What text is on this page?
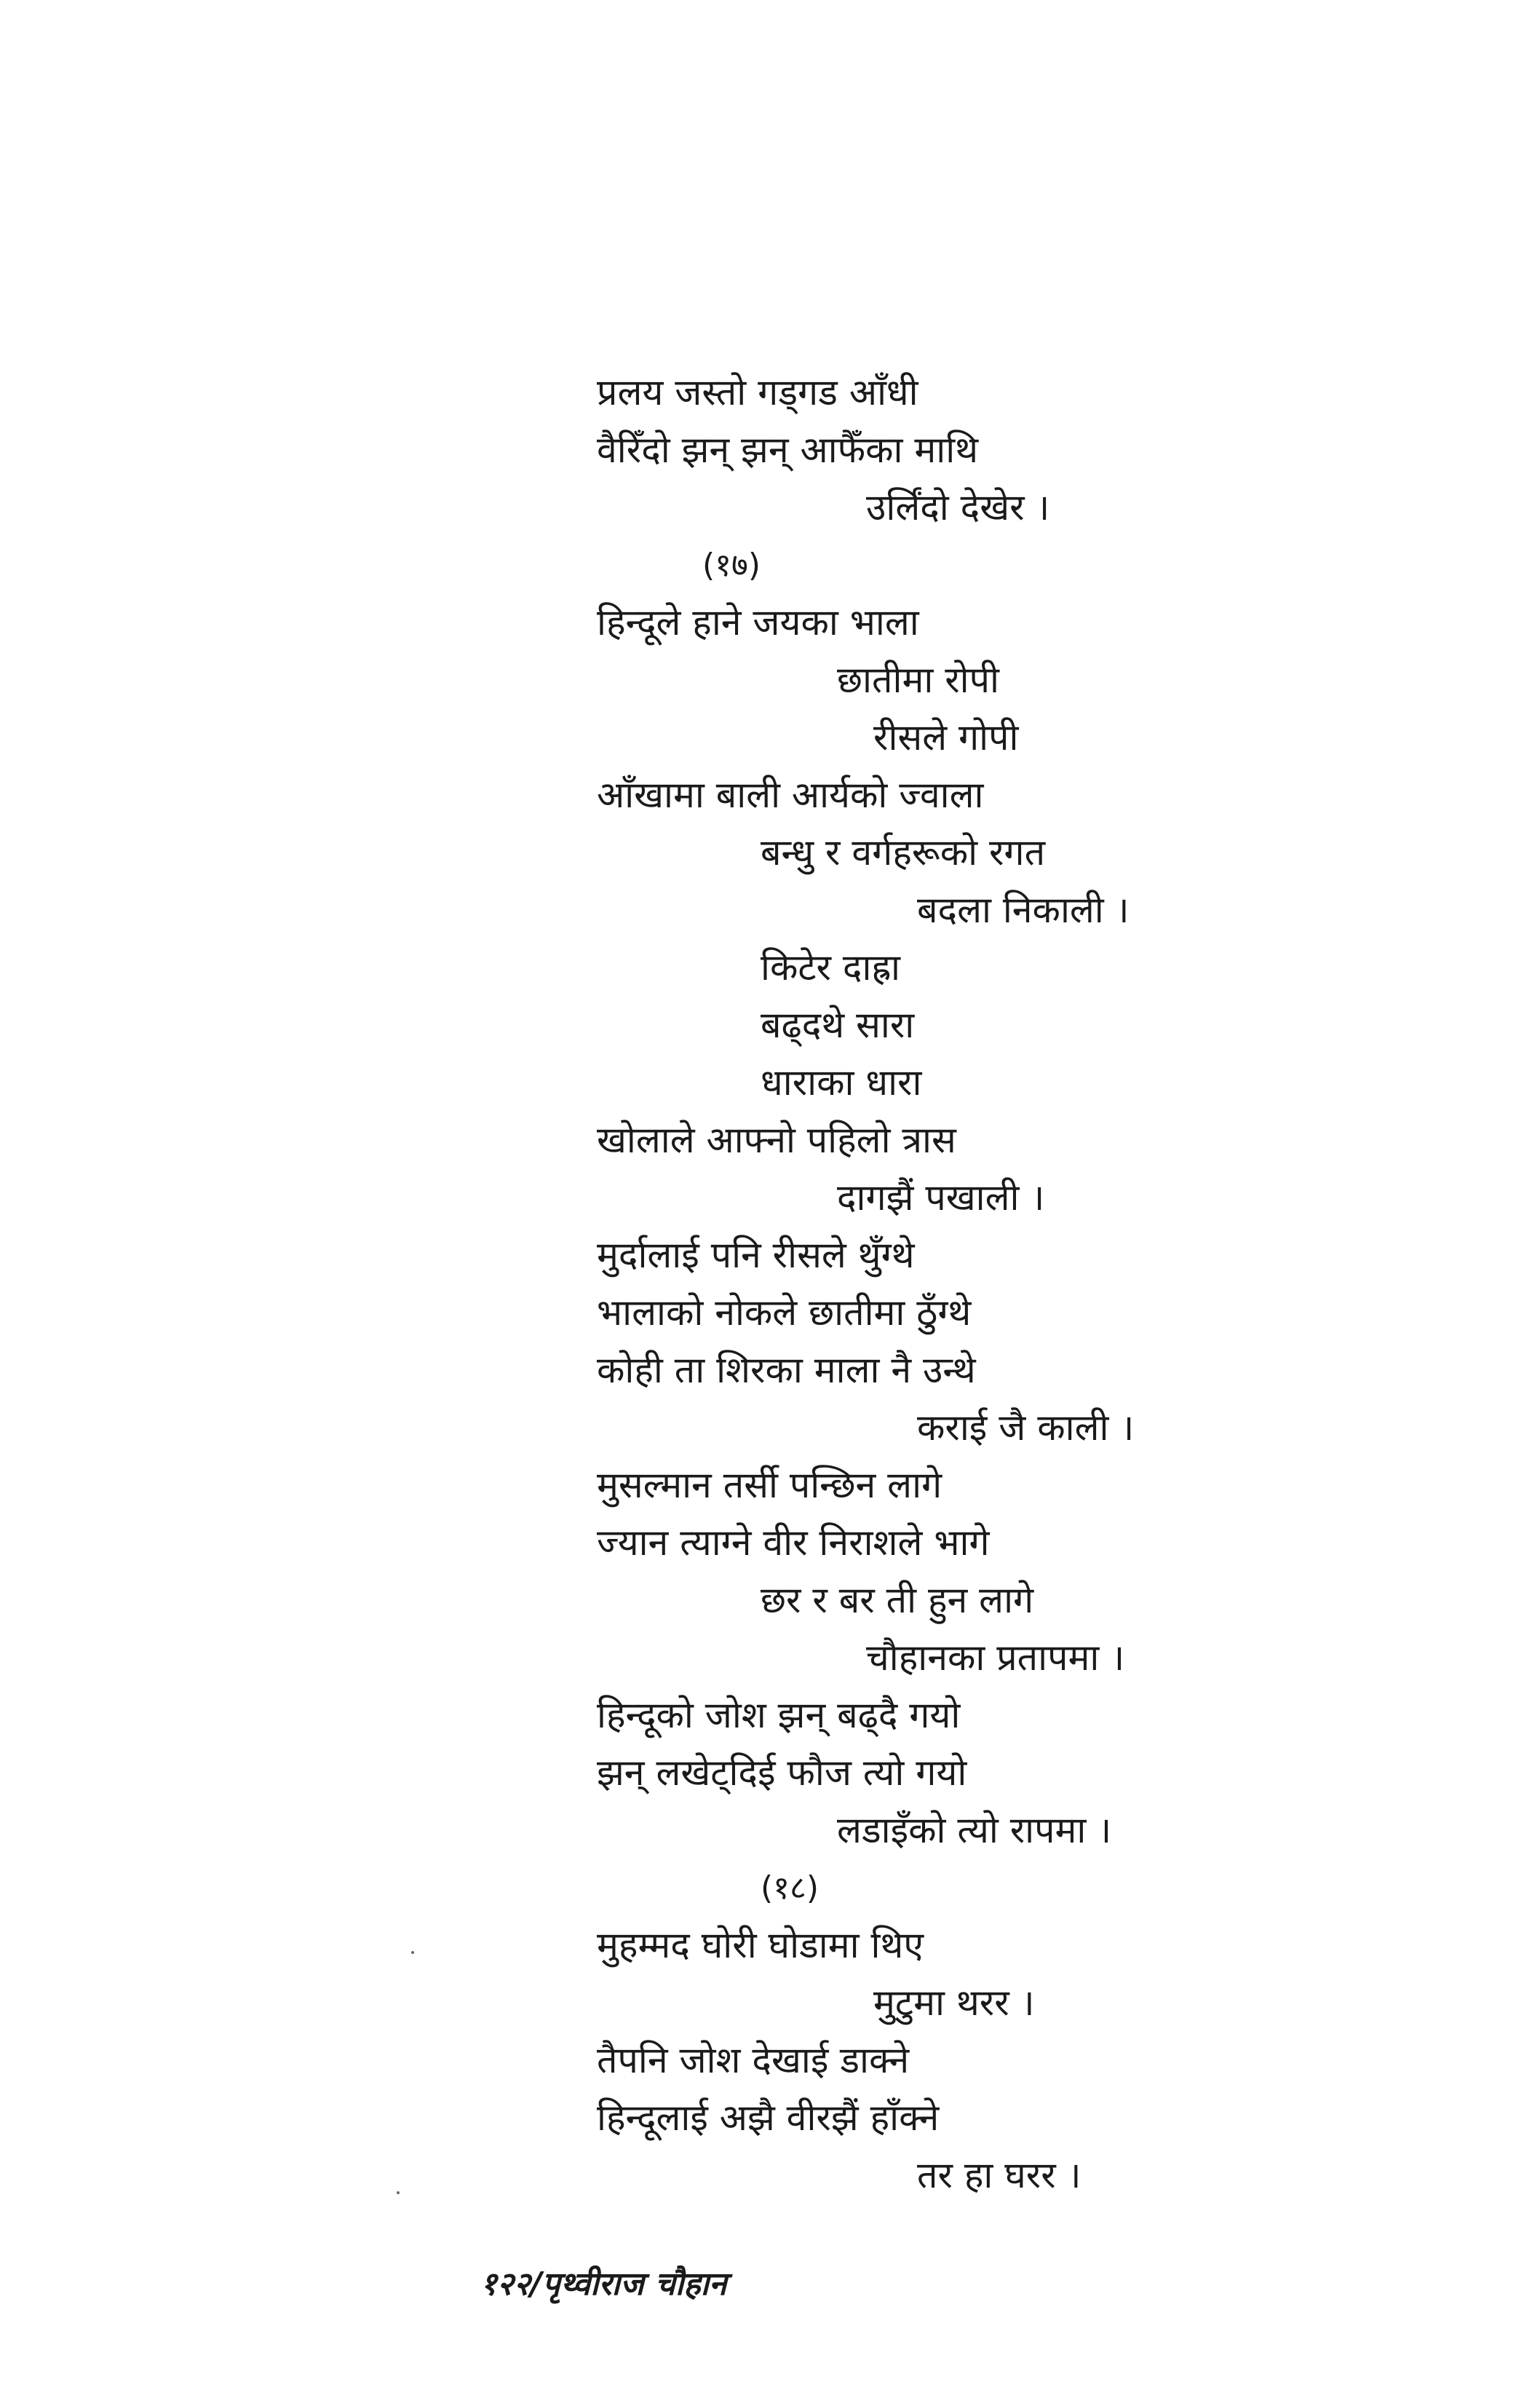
प्रलय जस्तो गड्गड आँधी
वैरिँदो झन् झन् आफैँका माथि
उर्लिंदो देखेर ।
(१७)
हिन्दूले हाने जयका भाला
छातीमा रोपी
रीसले गोपी
आँखामा बाली आर्यको ज्वाला
बन्धु र वर्गहरूको रगत
बदला निकाली ।
किटेर दाह्रा
बढ्दथे सारा
धाराका धारा
खोलाले आफ्नो पहिलो त्रास
दागझैं पखाली ।
मुर्दालाई पनि रीसले थुँग्थे
भालाको नोकले छातीमा ठुँग्थे
कोही ता शिरका माला नै उन्थे
कराई जै काली ।
मुसल्मान तर्सी पन्छिन लागे
ज्यान त्याग्ने वीर निराशले भागे
छर र बर ती हुन लागे
चौहानका प्रतापमा ।
हिन्दूको जोश झन् बढ्दै गयो
झन् लखेट्दिई फौज त्यो गयो
लडाइँको त्यो रापमा ।
(१८)
मुहम्मद घोरी घोडामा थिए
मुटुमा थरर ।
तैपनि जोश देखाई डाक्ने
हिन्दूलाई अझै वीरझैं हाँक्ने
तर हा घरर ।
१२२/पृथ्वीराज चौहान
